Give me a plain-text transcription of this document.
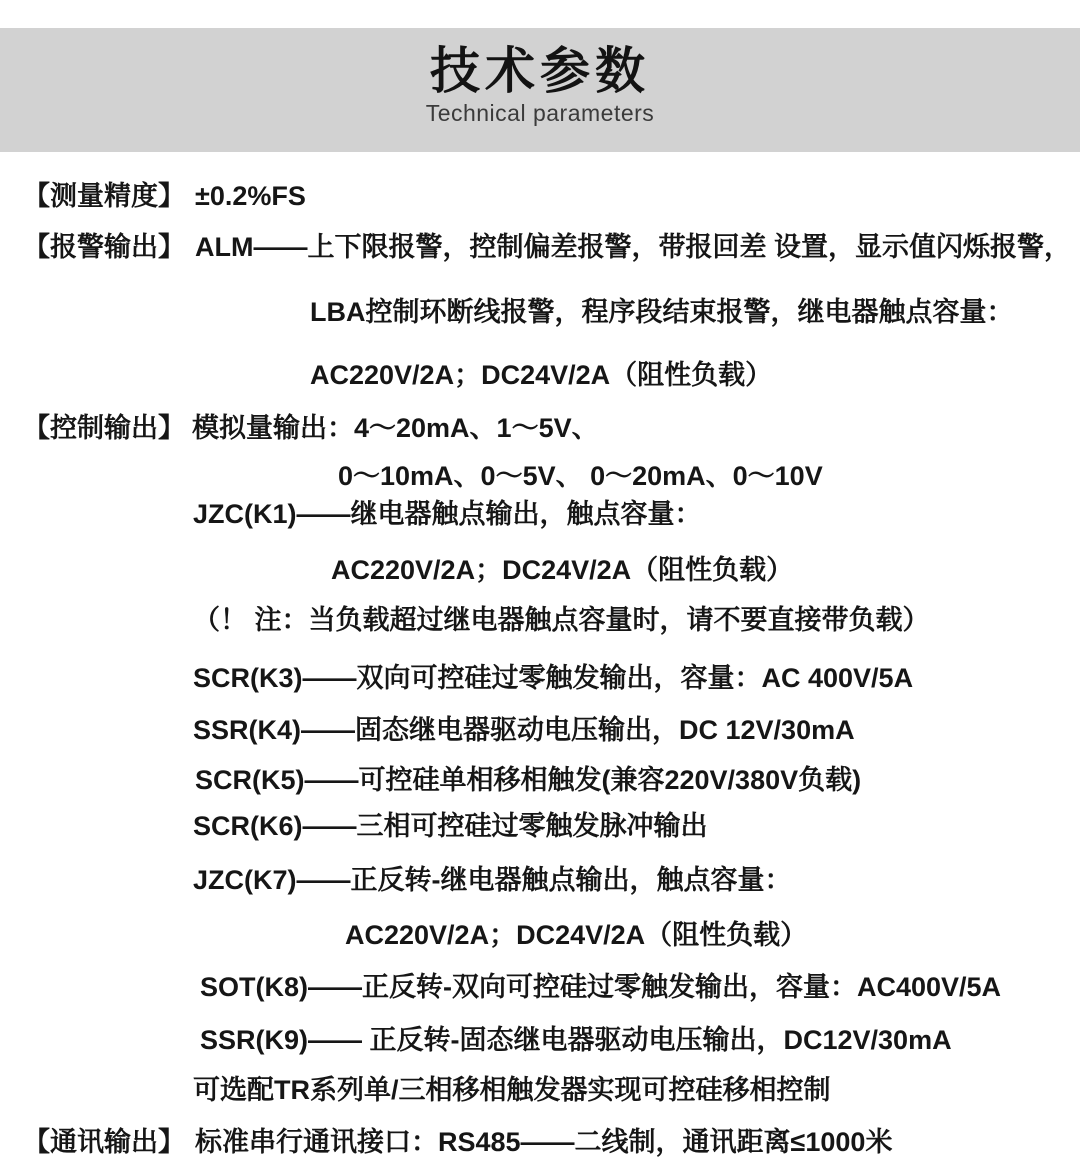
技术参数
Technical parameters
【测量精度】 ±0.2%FS
【报警输出】 ALM——上下限报警，控制偏差报警，带报回差 设置，显示值闪烁报警，
LBA控制环断线报警，程序段结束报警，继电器触点容量：
AC220V/2A；DC24V/2A（阻性负载）
【控制输出】 模拟量输出：4～20mA、1～5V、
0～10mA、0～5V、 0～20mA、0～10V
JZC(K1)——继电器触点输出，触点容量：
AC220V/2A；DC24V/2A（阻性负载）
（！ 注：当负载超过继电器触点容量时，请不要直接带负载）
SCR(K3)——双向可控硅过零触发输出，容量：AC 400V/5A
SSR(K4)——固态继电器驱动电压输出，DC 12V/30mA
SCR(K5)——可控硅单相移相触发(兼容220V/380V负载)
SCR(K6)——三相可控硅过零触发脉冲输出
JZC(K7)——正反转-继电器触点输出，触点容量：
AC220V/2A；DC24V/2A（阻性负载）
SOT(K8)——正反转-双向可控硅过零触发输出，容量：AC400V/5A
SSR(K9)—— 正反转-固态继电器驱动电压输出，DC12V/30mA
可选配TR系列单/三相移相触发器实现可控硅移相控制
【通讯输出】 标准串行通讯接口：RS485——二线制，通讯距离≤1000米
